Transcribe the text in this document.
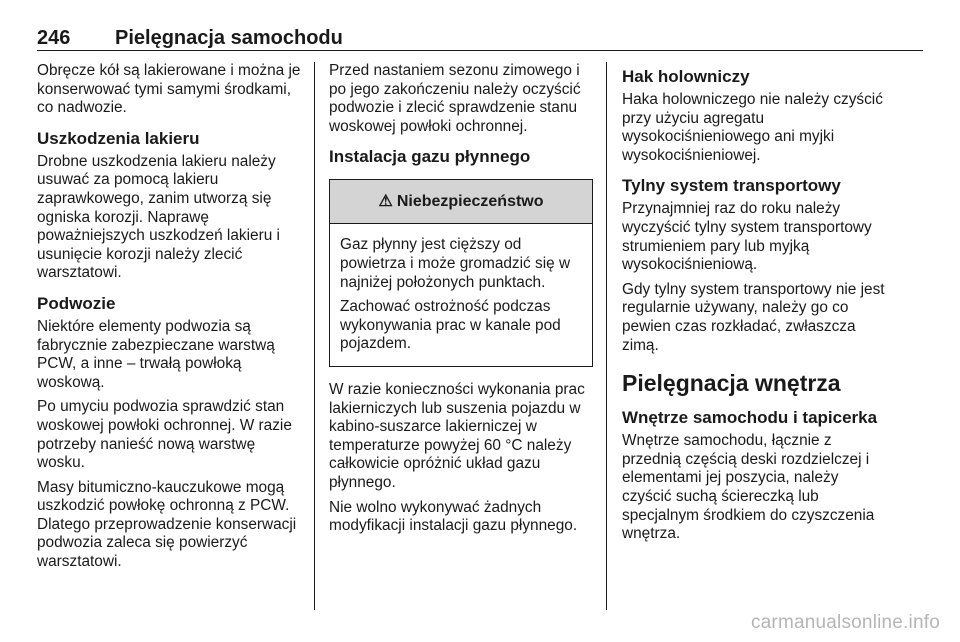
246 Pielęgnacja samochodu

Obręcze kół są lakierowane i można je konserwować tymi samymi środkami, co nadwozie.

Uszkodzenia lakieru

Drobne uszkodzenia lakieru należy usuwać za pomocą lakieru zaprawkowego, zanim utworzą się ogniska korozji. Naprawę poważniejszych uszkodzeń lakieru i usunięcie korozji należy zlecić warsztatowi.

Podwozie

Niektóre elementy podwozia są fabrycznie zabezpieczane warstwą PCW, a inne – trwałą powłoką woskową.

Po umyciu podwozia sprawdzić stan woskowej powłoki ochronnej. W razie potrzeby nanieść nową warstwę wosku.

Masy bitumiczno-kauczukowe mogą uszkodzić powłokę ochronną z PCW. Dlatego przeprowadzenie konserwacji podwozia zaleca się powierzyć warsztatowi.

Przed nastaniem sezonu zimowego i po jego zakończeniu należy oczyścić podwozie i zlecić sprawdzenie stanu woskowej powłoki ochronnej.

Instalacja gazu płynnego
⚠ Niebezpieczeństwo

Gaz płynny jest cięższy od powietrza i może gromadzić się w najniżej położonych punktach.

Zachować ostrożność podczas wykonywania prac w kanale pod pojazdem.

W razie konieczności wykonania prac lakierniczych lub suszenia pojazdu w kabino-suszarce lakierniczej w temperaturze powyżej 60 °C należy całkowicie opróżnić układ gazu płynnego.

Nie wolno wykonywać żadnych modyfikacji instalacji gazu płynnego.

Hak holowniczy

Haka holowniczego nie należy czyścić przy użyciu agregatu wysokociśnieniowego ani myjki wysokociśnieniowej.

Tylny system transportowy

Przynajmniej raz do roku należy wyczyścić tylny system transportowy strumieniem pary lub myjką wysokociśnieniową.

Gdy tylny system transportowy nie jest regularnie używany, należy go co pewien czas rozkładać, zwłaszcza zimą.

Pielęgnacja wnętrza
Wnętrze samochodu i tapicerka

Wnętrze samochodu, łącznie z przednią częścią deski rozdzielczej i elementami jej poszycia, należy czyścić suchą ściereczką lub specjalnym środkiem do czyszczenia wnętrza.

carmanualsonline.info
